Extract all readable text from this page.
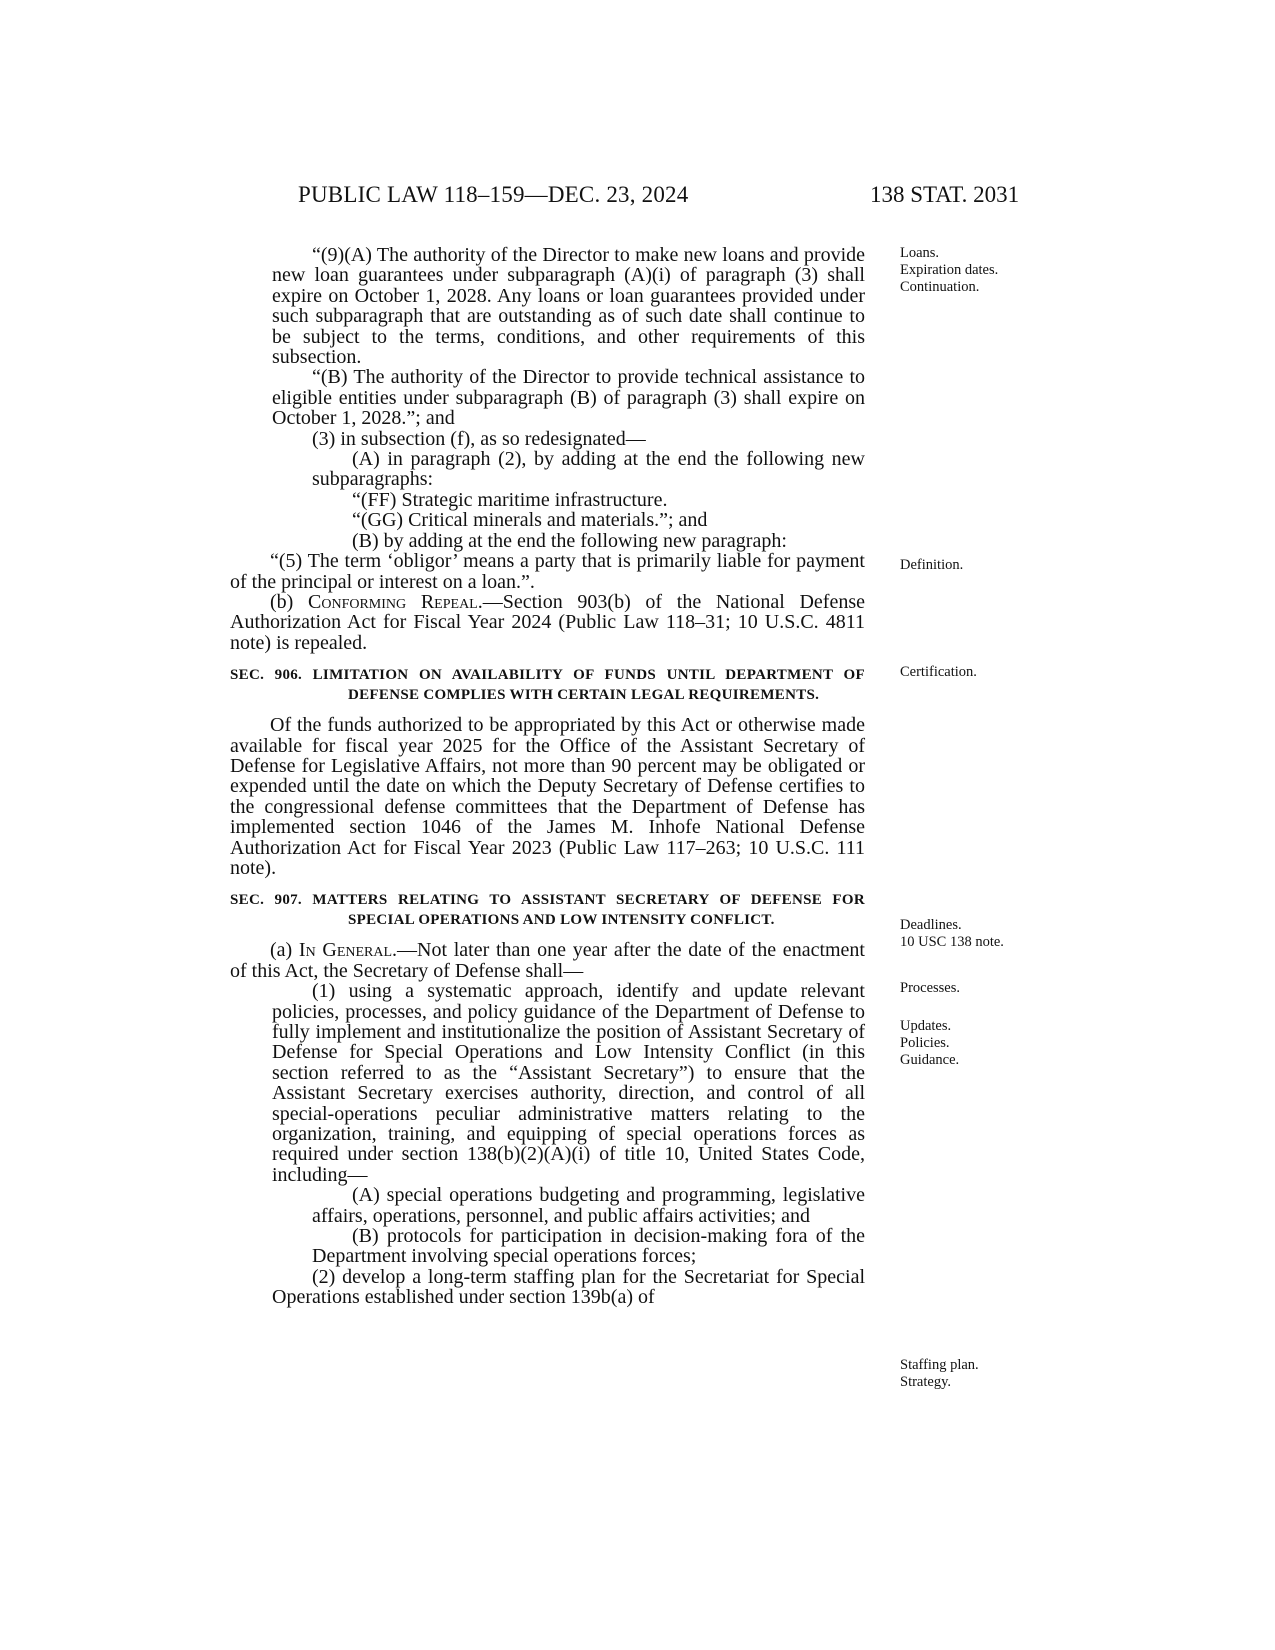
PUBLIC LAW 118–159—DEC. 23, 2024	138 STAT. 2031

“(9)(A) The authority of the Director to make new loans and provide new loan guarantees under subparagraph (A)(i) of paragraph (3) shall expire on October 1, 2028. Any loans or loan guarantees provided under such subparagraph that are outstanding as of such date shall continue to be subject to the terms, conditions, and other requirements of this subsection.

“(B) The authority of the Director to provide technical assistance to eligible entities under subparagraph (B) of paragraph (3) shall expire on October 1, 2028.”; and

(3) in subsection (f), as so redesignated—

(A) in paragraph (2), by adding at the end the following new subparagraphs:

“(FF) Strategic maritime infrastructure.

“(GG) Critical minerals and materials.”; and

(B) by adding at the end the following new paragraph:

“(5) The term ‘obligor’ means a party that is primarily liable for payment of the principal or interest on a loan.”.

(b) Conforming Repeal.—Section 903(b) of the National Defense Authorization Act for Fiscal Year 2024 (Public Law 118–31; 10 U.S.C. 4811 note) is repealed.

SEC. 906. LIMITATION ON AVAILABILITY OF FUNDS UNTIL DEPARTMENT OF DEFENSE COMPLIES WITH CERTAIN LEGAL REQUIREMENTS.

Of the funds authorized to be appropriated by this Act or otherwise made available for fiscal year 2025 for the Office of the Assistant Secretary of Defense for Legislative Affairs, not more than 90 percent may be obligated or expended until the date on which the Deputy Secretary of Defense certifies to the congressional defense committees that the Department of Defense has implemented section 1046 of the James M. Inhofe National Defense Authorization Act for Fiscal Year 2023 (Public Law 117–263; 10 U.S.C. 111 note).

SEC. 907. MATTERS RELATING TO ASSISTANT SECRETARY OF DEFENSE FOR SPECIAL OPERATIONS AND LOW INTENSITY CONFLICT.

(a) In General.—Not later than one year after the date of the enactment of this Act, the Secretary of Defense shall—

(1) using a systematic approach, identify and update relevant policies, processes, and policy guidance of the Department of Defense to fully implement and institutionalize the position of Assistant Secretary of Defense for Special Operations and Low Intensity Conflict (in this section referred to as the “Assistant Secretary”) to ensure that the Assistant Secretary exercises authority, direction, and control of all special-operations peculiar administrative matters relating to the organization, training, and equipping of special operations forces as required under section 138(b)(2)(A)(i) of title 10, United States Code, including—

(A) special operations budgeting and programming, legislative affairs, operations, personnel, and public affairs activities; and

(B) protocols for participation in decision-making fora of the Department involving special operations forces;

(2) develop a long-term staffing plan for the Secretariat for Special Operations established under section 139b(a) of

Loans.
Expiration dates.
Continuation.
Definition.
Certification.
Deadlines.
10 USC 138 note.
Processes.
Updates.
Policies.
Guidance.
Staffing plan.
Strategy.
